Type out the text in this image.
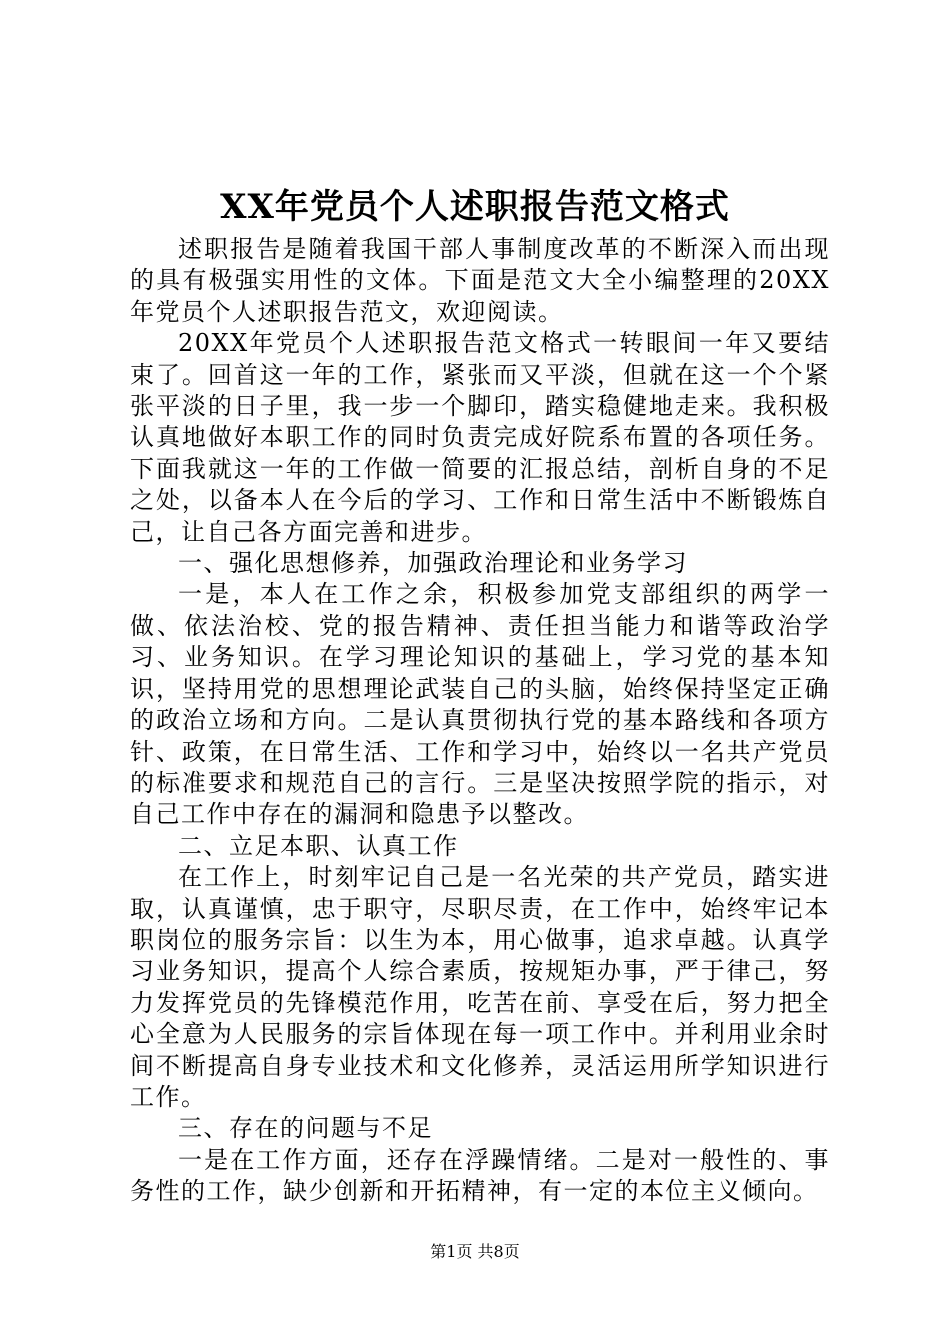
XX年党员个人述职报告范文格式

述职报告是随着我国干部人事制度改革的不断深入而出现的具有极强实用性的文体。下面是范文大全小编整理的20XX年党员个人述职报告范文，欢迎阅读。

20XX年党员个人述职报告范文格式一转眼间一年又要结束了。回首这一年的工作，紧张而又平淡，但就在这一个个紧张平淡的日子里，我一步一个脚印，踏实稳健地走来。我积极认真地做好本职工作的同时负责完成好院系布置的各项任务。下面我就这一年的工作做一简要的汇报总结，剖析自身的不足之处，以备本人在今后的学习、工作和日常生活中不断锻炼自己，让自己各方面完善和进步。

一、强化思想修养，加强政治理论和业务学习

一是，本人在工作之余，积极参加党支部组织的两学一做、依法治校、党的报告精神、责任担当能力和谐等政治学习、业务知识。在学习理论知识的基础上，学习党的基本知识，坚持用党的思想理论武装自己的头脑，始终保持坚定正确的政治立场和方向。二是认真贯彻执行党的基本路线和各项方针、政策，在日常生活、工作和学习中，始终以一名共产党员的标准要求和规范自己的言行。三是坚决按照学院的指示，对自己工作中存在的漏洞和隐患予以整改。

二、立足本职、认真工作

在工作上，时刻牢记自己是一名光荣的共产党员，踏实进取，认真谨慎，忠于职守，尽职尽责，在工作中，始终牢记本职岗位的服务宗旨：以生为本，用心做事，追求卓越。认真学习业务知识，提高个人综合素质，按规矩办事，严于律己，努力发挥党员的先锋模范作用，吃苦在前、享受在后，努力把全心全意为人民服务的宗旨体现在每一项工作中。并利用业余时间不断提高自身专业技术和文化修养，灵活运用所学知识进行工作。

三、存在的问题与不足

一是在工作方面，还存在浮躁情绪。二是对一般性的、事务性的工作，缺少创新和开拓精神，有一定的本位主义倾向。

第1页 共8页
